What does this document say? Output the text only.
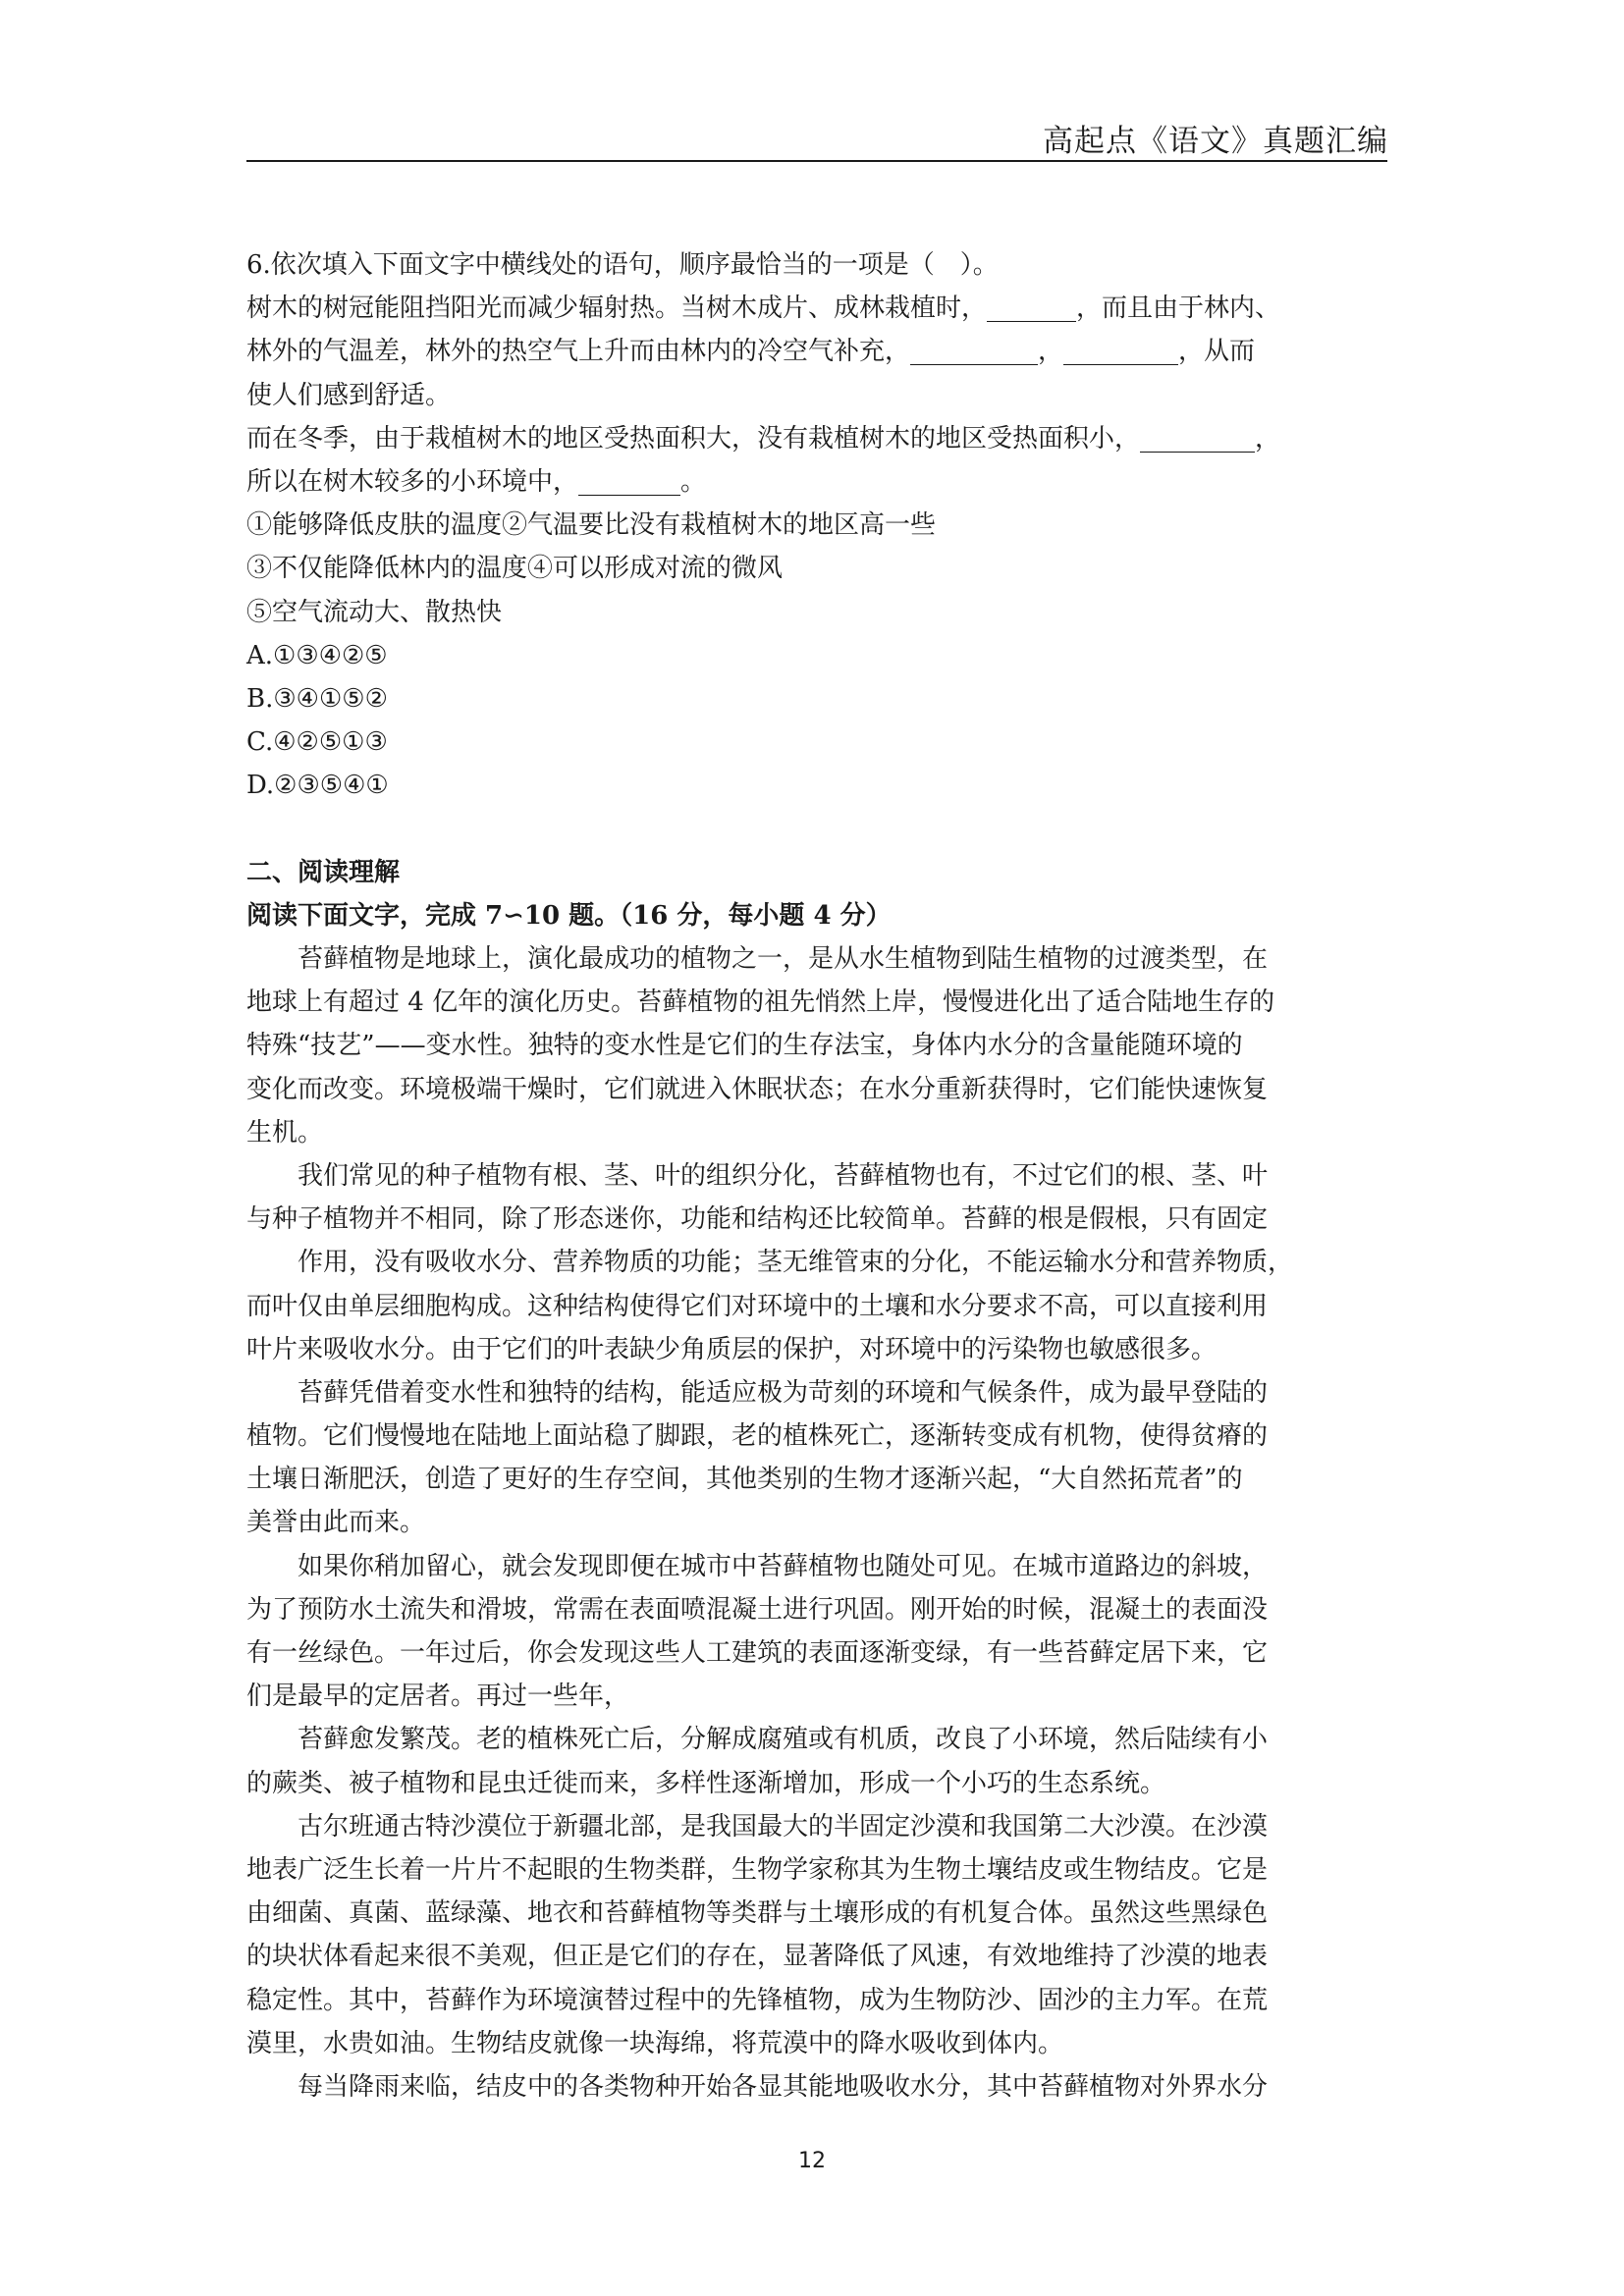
高起点《语文》真题汇编
6.依次填入下面文字中横线处的语句，顺序最恰当的一项是（　）。
树木的树冠能阻挡阳光而减少辐射热。当树木成片、成林栽植时，_______，而且由于林内、
林外的气温差，林外的热空气上升而由林内的冷空气补充，__________，_________，从而
使人们感到舒适。
而在冬季，由于栽植树木的地区受热面积大，没有栽植树木的地区受热面积小，_________，
所以在树木较多的小环境中，________。
①能够降低皮肤的温度②气温要比没有栽植树木的地区高一些
③不仅能降低林内的温度④可以形成对流的微风
⑤空气流动大、散热快
A.①③④②⑤
B.③④①⑤②
C.④②⑤①③
D.②③⑤④①
二、阅读理解
阅读下面文字，完成 7∽10 题。（16 分，每小题 4 分）
苔藓植物是地球上，演化最成功的植物之一，是从水生植物到陆生植物的过渡类型，在
地球上有超过 4 亿年的演化历史。苔藓植物的祖先悄然上岸，慢慢进化出了适合陆地生存的
特殊“技艺”——变水性。独特的变水性是它们的生存法宝，身体内水分的含量能随环境的
变化而改变。环境极端干燥时，它们就进入休眠状态；在水分重新获得时，它们能快速恢复
生机。
我们常见的种子植物有根、茎、叶的组织分化，苔藓植物也有，不过它们的根、茎、叶
与种子植物并不相同，除了形态迷你，功能和结构还比较简单。苔藓的根是假根，只有固定
作用，没有吸收水分、营养物质的功能；茎无维管束的分化，不能运输水分和营养物质，
而叶仅由单层细胞构成。这种结构使得它们对环境中的土壤和水分要求不高，可以直接利用
叶片来吸收水分。由于它们的叶表缺少角质层的保护，对环境中的污染物也敏感很多。
苔藓凭借着变水性和独特的结构，能适应极为苛刻的环境和气候条件，成为最早登陆的
植物。它们慢慢地在陆地上面站稳了脚跟，老的植株死亡，逐渐转变成有机物，使得贫瘠的
土壤日渐肥沃，创造了更好的生存空间，其他类别的生物才逐渐兴起，“大自然拓荒者”的
美誉由此而来。
如果你稍加留心，就会发现即便在城市中苔藓植物也随处可见。在城市道路边的斜坡，
为了预防水土流失和滑坡，常需在表面喷混凝土进行巩固。刚开始的时候，混凝土的表面没
有一丝绿色。一年过后，你会发现这些人工建筑的表面逐渐变绿，有一些苔藓定居下来，它
们是最早的定居者。再过一些年，
苔藓愈发繁茂。老的植株死亡后，分解成腐殖或有机质，改良了小环境，然后陆续有小
的蕨类、被子植物和昆虫迁徙而来，多样性逐渐增加，形成一个小巧的生态系统。
古尔班通古特沙漠位于新疆北部，是我国最大的半固定沙漠和我国第二大沙漠。在沙漠
地表广泛生长着一片片不起眼的生物类群，生物学家称其为生物土壤结皮或生物结皮。它是
由细菌、真菌、蓝绿藻、地衣和苔藓植物等类群与土壤形成的有机复合体。虽然这些黑绿色
的块状体看起来很不美观，但正是它们的存在，显著降低了风速，有效地维持了沙漠的地表
稳定性。其中，苔藓作为环境演替过程中的先锋植物，成为生物防沙、固沙的主力军。在荒
漠里，水贵如油。生物结皮就像一块海绵，将荒漠中的降水吸收到体内。
每当降雨来临，结皮中的各类物种开始各显其能地吸收水分，其中苔藓植物对外界水分
12
